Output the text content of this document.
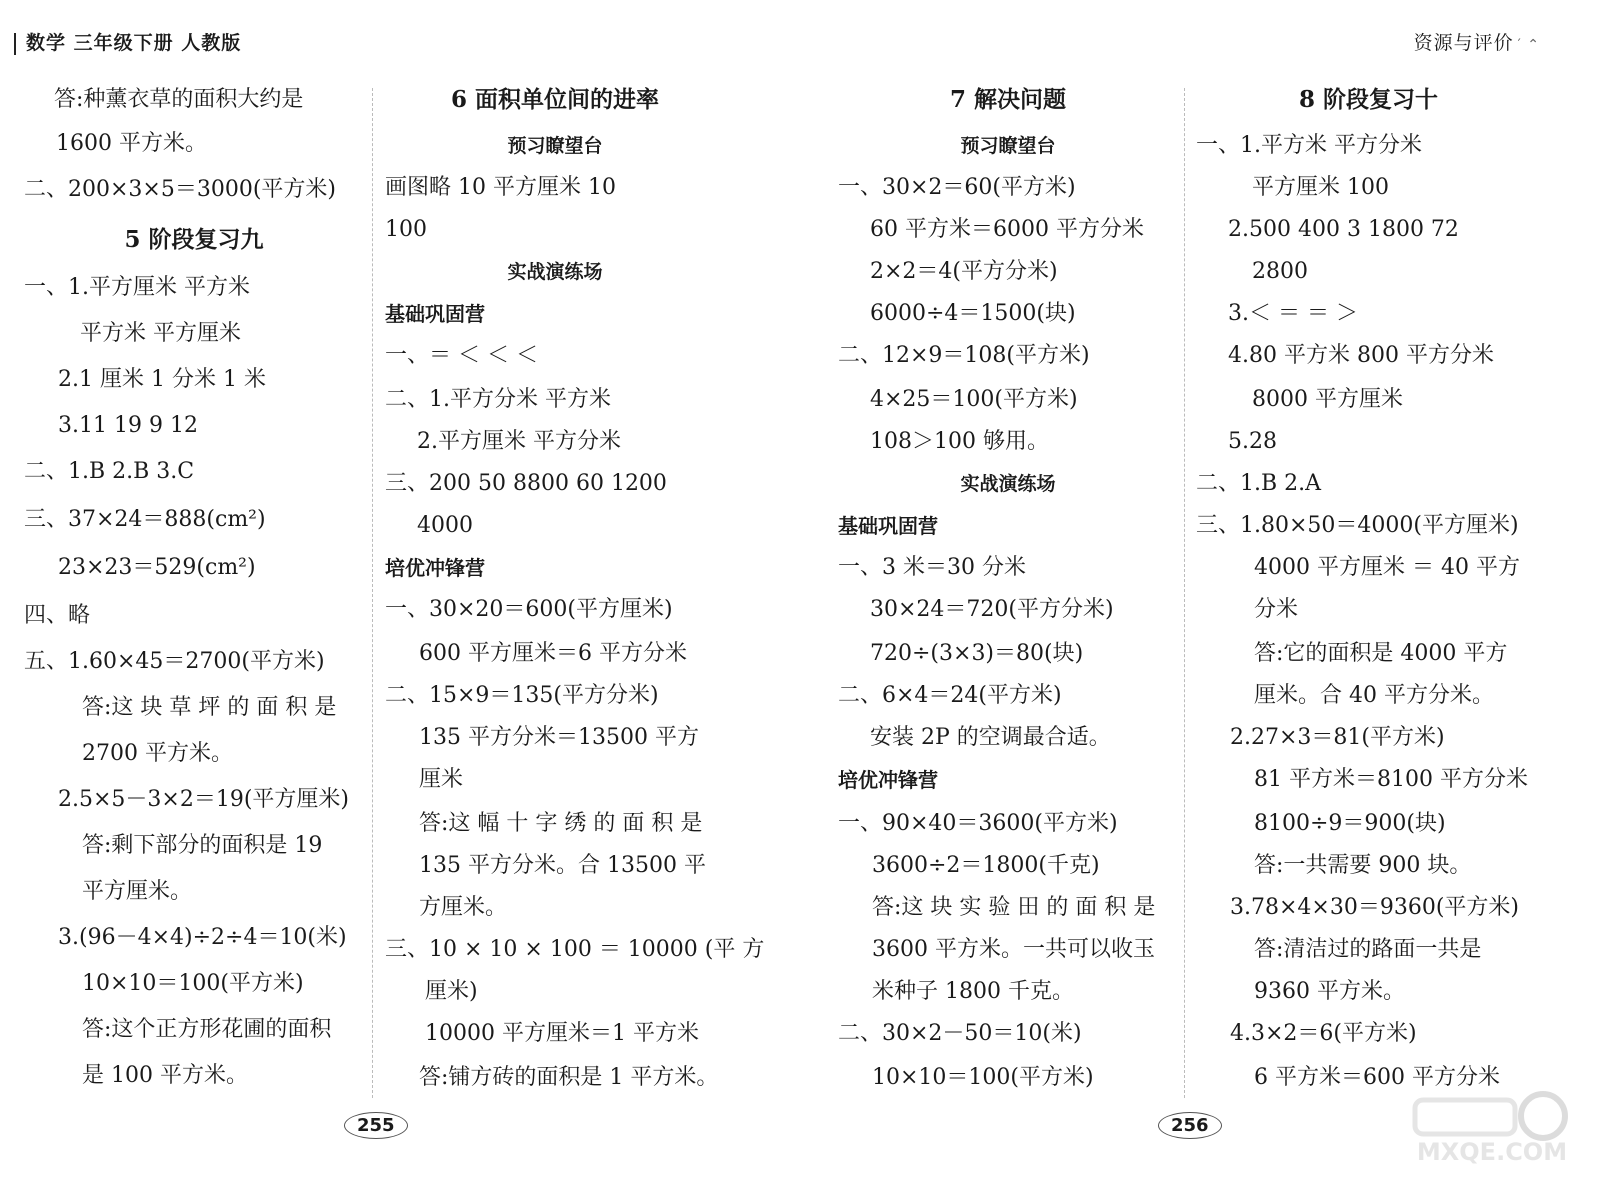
数学 三年级下册 人教版	资源与评价 ′ ⌃
答:种薰衣草的面积大约是
1600 平方米。
二、200×3×5＝3000(平方米)
5 阶段复习九
一、1.平方厘米 平方米
平方米 平方厘米
2.1 厘米 1 分米 1 米
3.11 19 9 12
二、1.B 2.B 3.C
三、37×24＝888(cm²)
23×23＝529(cm²)
四、略
五、1.60×45＝2700(平方米)
答:这 块 草 坪 的 面 积 是
2700 平方米。
2.5×5－3×2＝19(平方厘米)
答:剩下部分的面积是 19
平方厘米。
3.(96－4×4)÷2÷4＝10(米)
10×10＝100(平方米)
答:这个正方形花圃的面积
是 100 平方米。
6 面积单位间的进率
预习瞭望台
画图略 10 平方厘米 10
100
实战演练场
基础巩固营
一、＝ ＜ ＜ ＜
二、1.平方分米 平方米
2.平方厘米 平方分米
三、200 50 8800 60 1200
4000
培优冲锋营
一、30×20＝600(平方厘米)
600 平方厘米＝6 平方分米
二、15×9＝135(平方分米)
135 平方分米＝13500 平方
厘米
答:这 幅 十 字 绣 的 面 积 是
135 平方分米。合 13500 平
方厘米。
三、10 × 10 × 100 ＝ 10000 (平 方
厘米)
10000 平方厘米＝1 平方米
答:铺方砖的面积是 1 平方米。
7 解决问题
预习瞭望台
一、30×2＝60(平方米)
60 平方米＝6000 平方分米
2×2＝4(平方分米)
6000÷4＝1500(块)
二、12×9＝108(平方米)
4×25＝100(平方米)
108＞100 够用。
实战演练场
基础巩固营
一、3 米＝30 分米
30×24＝720(平方分米)
720÷(3×3)＝80(块)
二、6×4＝24(平方米)
安装 2P 的空调最合适。
培优冲锋营
一、90×40＝3600(平方米)
3600÷2＝1800(千克)
答:这 块 实 验 田 的 面 积 是
3600 平方米。一共可以收玉
米种子 1800 千克。
二、30×2－50＝10(米)
10×10＝100(平方米)
8 阶段复习十
一、1.平方米 平方分米
平方厘米 100
2.500 400 3 1800 72
2800
3.＜ ＝ ＝ ＞
4.80 平方米 800 平方分米
8000 平方厘米
5.28
二、1.B 2.A
三、1.80×50＝4000(平方厘米)
4000 平方厘米 ＝ 40 平方
分米
答:它的面积是 4000 平方
厘米。合 40 平方分米。
2.27×3＝81(平方米)
81 平方米＝8100 平方分米
8100÷9＝900(块)
答:一共需要 900 块。
3.78×4×30＝9360(平方米)
答:清洁过的路面一共是
9360 平方米。
4.3×2＝6(平方米)
6 平方米＝600 平方分米
255	256
MXQE.COM
